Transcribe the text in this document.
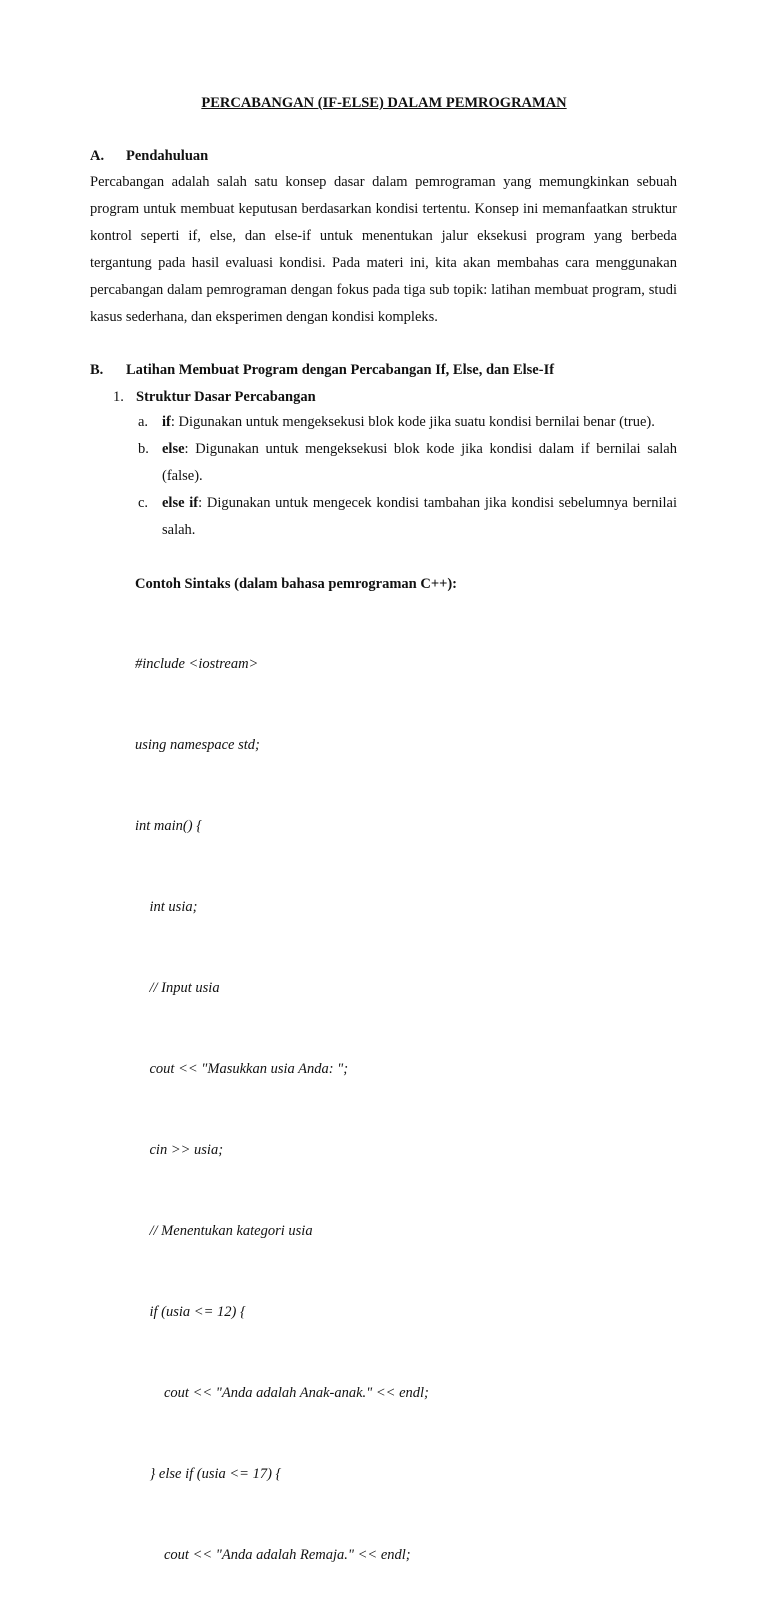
PERCABANGAN (IF-ELSE) DALAM PEMROGRAMAN
A. Pendahuluan

Percabangan adalah salah satu konsep dasar dalam pemrograman yang memungkinkan sebuah program untuk membuat keputusan berdasarkan kondisi tertentu. Konsep ini memanfaatkan struktur kontrol seperti if, else, dan else-if untuk menentukan jalur eksekusi program yang berbeda tergantung pada hasil evaluasi kondisi. Pada materi ini, kita akan membahas cara menggunakan percabangan dalam pemrograman dengan fokus pada tiga sub topik: latihan membuat program, studi kasus sederhana, dan eksperimen dengan kondisi kompleks.

B. Latihan Membuat Program dengan Percabangan If, Else, dan Else-If
1. Struktur Dasar Percabangan
a. if: Digunakan untuk mengeksekusi blok kode jika suatu kondisi bernilai benar (true).
b. else: Digunakan untuk mengeksekusi blok kode jika kondisi dalam if bernilai salah (false).
c. else if: Digunakan untuk mengecek kondisi tambahan jika kondisi sebelumnya bernilai salah.
Contoh Sintaks (dalam bahasa pemrograman C++):

#include <iostream>

using namespace std;

int main() {

int usia;

// Input usia

cout << "Masukkan usia Anda: ";

cin >> usia;

// Menentukan kategori usia

if (usia <= 12) {

cout << "Anda adalah Anak-anak." << endl;

} else if (usia <= 17) {

cout << "Anda adalah Remaja." << endl;
